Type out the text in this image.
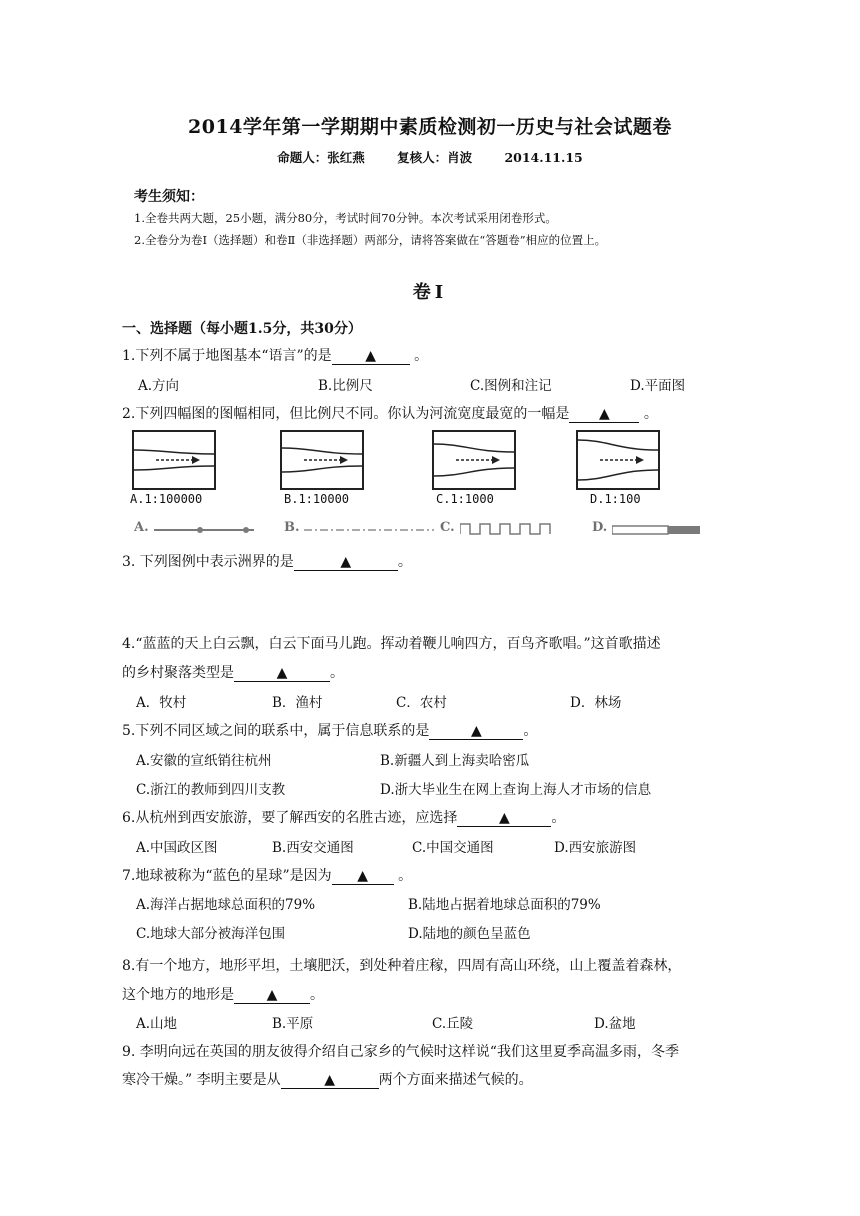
2014学年第一学期期中素质检测初一历史与社会试题卷
命题人：张红燕	复核人：肖波	2014.11.15
考生须知：
1.全卷共两大题，25小题，满分80分，考试时间70分钟。本次考试采用闭卷形式。
2.全卷分为卷Ⅰ（选择题）和卷Ⅱ（非选择题）两部分，请将答案做在“答题卷”相应的位置上。
卷Ⅰ
一、选择题（每小题1.5分，共30分）
1.下列不属于地图基本“语言”的是 ▲	。
A.方向	B.比例尺	C.图例和注记	D.平面图
2.下列四幅图的图幅相同，但比例尺不同。你认为河流宽度最宽的一幅是 ▲ 。
A.1:100000	B.1:10000	C.1:1000	D.1:100
A.	B.	C.	D.
3. 下列图例中表示洲界的是	▲	。
4.“蓝蓝的天上白云飘，白云下面马儿跑。挥动着鞭儿响四方，百鸟齐歌唱。”这首歌描述
的乡村聚落类型是	▲	。
A．牧村	B．渔村	C．农村	D．林场
5.下列不同区域之间的联系中，属于信息联系的是	▲	。
A.安徽的宣纸销往杭州	B.新疆人到上海卖哈密瓜
C.浙江的教师到四川支教	D.浙大毕业生在网上查询上海人才市场的信息
6.从杭州到西安旅游，要了解西安的名胜古迹，应选择	▲	。
A.中国政区图	B.西安交通图	C.中国交通图	D.西安旅游图
7.地球被称为“蓝色的星球”是因为 ▲ 。
A.海洋占据地球总面积的79%	B.陆地占据着地球总面积的79%
C.地球大部分被海洋包围	D.陆地的颜色呈蓝色
8.有一个地方，地形平坦，土壤肥沃，到处种着庄稼，四周有高山环绕，山上覆盖着森林，
这个地方的地形是 ▲ 。
A.山地	B.平原	C.丘陵	D.盆地
9. 李明向远在英国的朋友彼得介绍自己家乡的气候时这样说“我们这里夏季高温多雨，冬季
寒冷干燥。” 李明主要是从	▲	两个方面来描述气候的。
